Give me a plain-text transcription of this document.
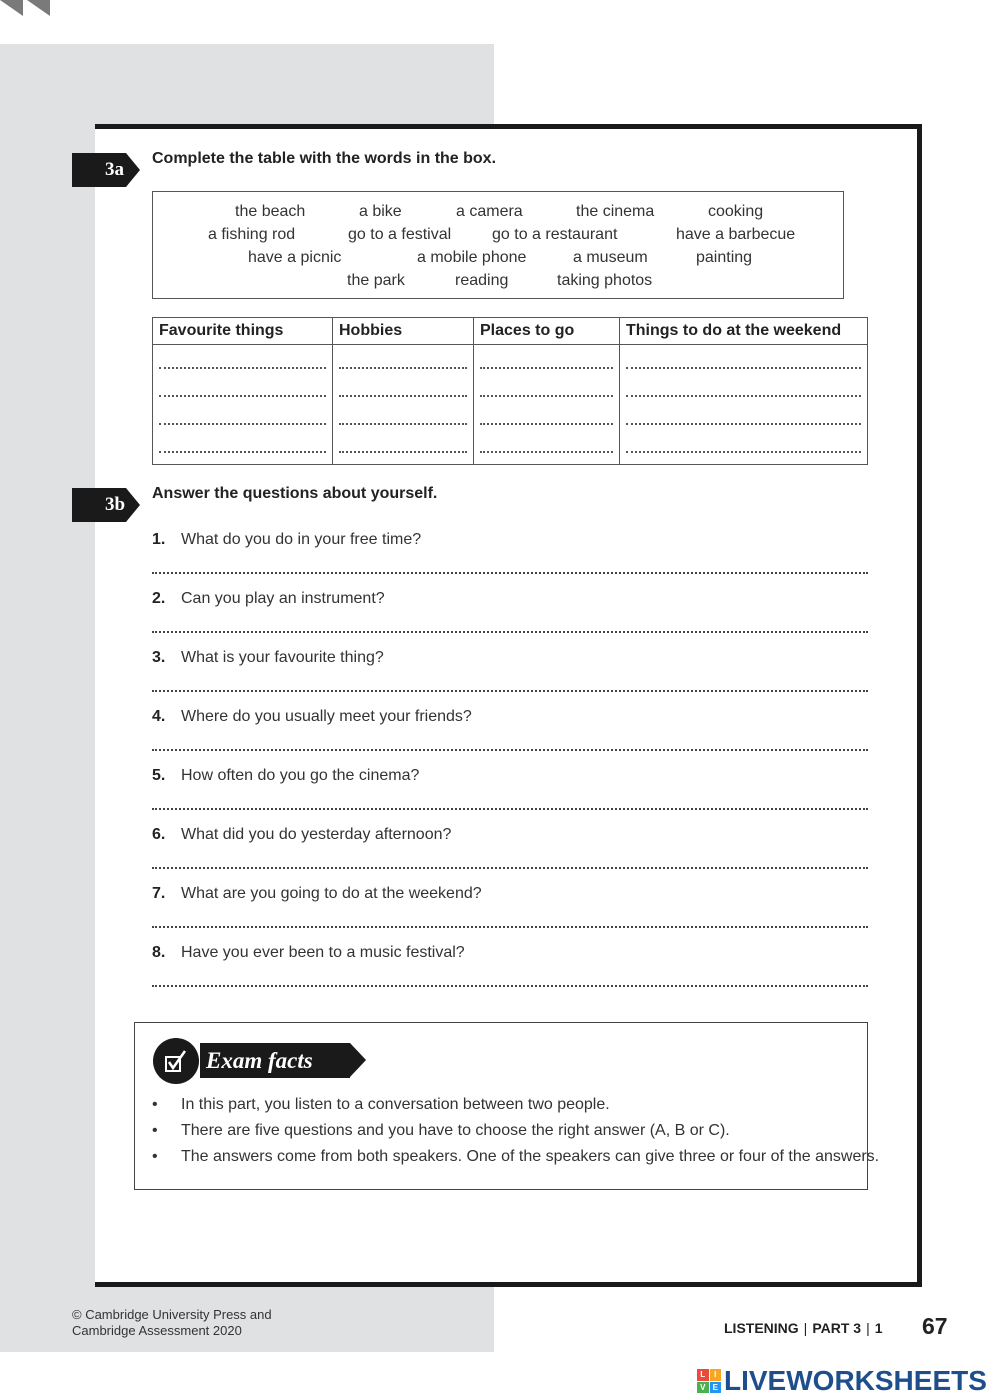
3a

Complete the table with the words in the box.
the beach	a bike	a camera	the cinema	cooking
a fishing rod	go to a festival	go to a restaurant	have a barbecue
have a picnic	a mobile phone	a museum	painting
the park	reading	taking photos
Favourite things	Hobbies	Places to go	Things to do at the weekend

3b
Answer the questions about yourself.
1. What do you do in your free time?
2. Can you play an instrument?
3. What is your favourite thing?
4. Where do you usually meet your friends?
5. How often do you go the cinema?
6. What did you do yesterday afternoon?
7. What are you going to do at the weekend?
8. Have you ever been to a music festival?
Exam facts
• In this part, you listen to a conversation between two people.
• There are five questions and you have to choose the right answer (A, B or C).
• The answers come from both speakers. One of the speakers can give three or four of the answers.
© Cambridge University Press and
Cambridge Assessment 2020	LISTENING | PART 3 | 1 67
L	I
V E LIVEWORKSHEETS
